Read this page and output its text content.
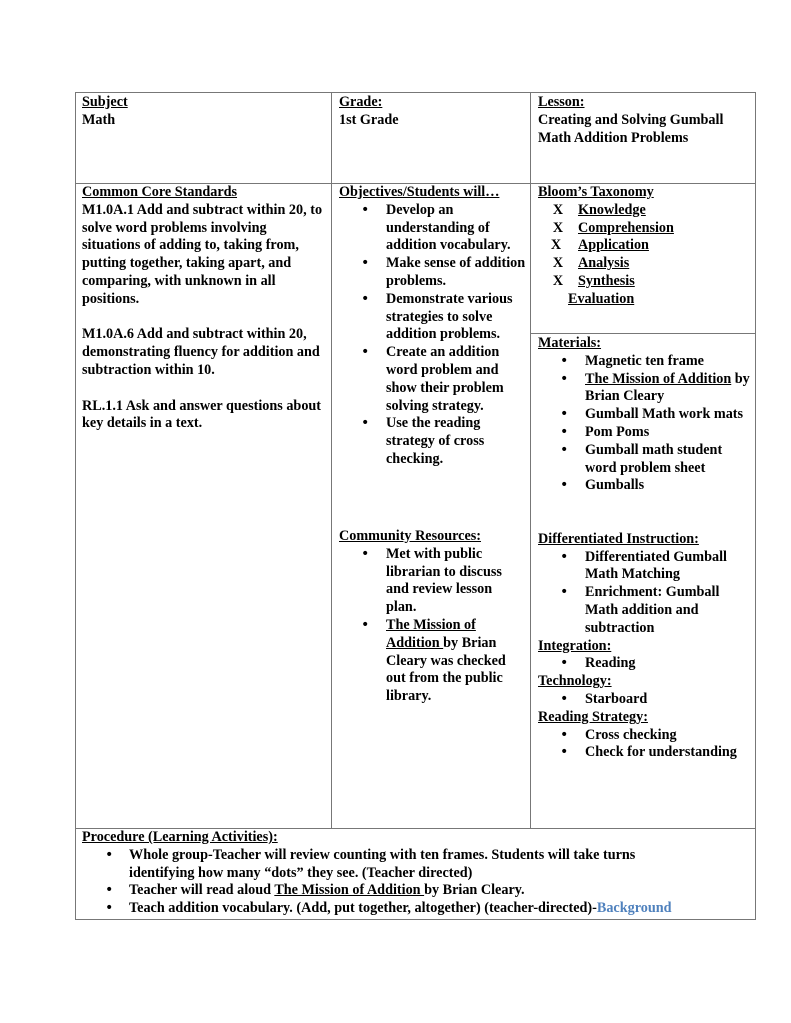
Subject
Math
Grade:
1st Grade
Lesson:
Creating and Solving Gumball Math Addition Problems
Common Core Standards
M1.0A.1 Add and subtract within 20, to solve word problems involving situations of adding to, taking from, putting together, taking apart, and comparing, with unknown in all positions.
M1.0A.6 Add and subtract within 20, demonstrating fluency for addition and subtraction within 10.
RL.1.1 Ask and answer questions about key details in a text.
Objectives/Students will…
• Develop an understanding of addition vocabulary.
• Make sense of addition problems.
• Demonstrate various strategies to solve addition problems.
• Create an addition word problem and show their problem solving strategy.
• Use the reading strategy of cross checking.
Community Resources:
• Met with public librarian to discuss and review lesson plan.
• The Mission of Addition by Brian Cleary was checked out from the public library.
Bloom’s Taxonomy
X Knowledge
X Comprehension
X Application
X Analysis
X Synthesis
Evaluation
Materials:
• Magnetic ten frame
• The Mission of Addition by Brian Cleary
• Gumball Math work mats
• Pom Poms
• Gumball math student word problem sheet
• Gumballs
Differentiated Instruction:
• Differentiated Gumball Math Matching
• Enrichment: Gumball Math addition and subtraction
Integration:
• Reading
Technology:
• Starboard
Reading Strategy:
• Cross checking
• Check for understanding
Procedure (Learning Activities):
• Whole group-Teacher will review counting with ten frames. Students will take turns identifying how many “dots” they see. (Teacher directed)
• Teacher will read aloud The Mission of Addition by Brian Cleary.
• Teach addition vocabulary. (Add, put together, altogether) (teacher-directed)-Background
